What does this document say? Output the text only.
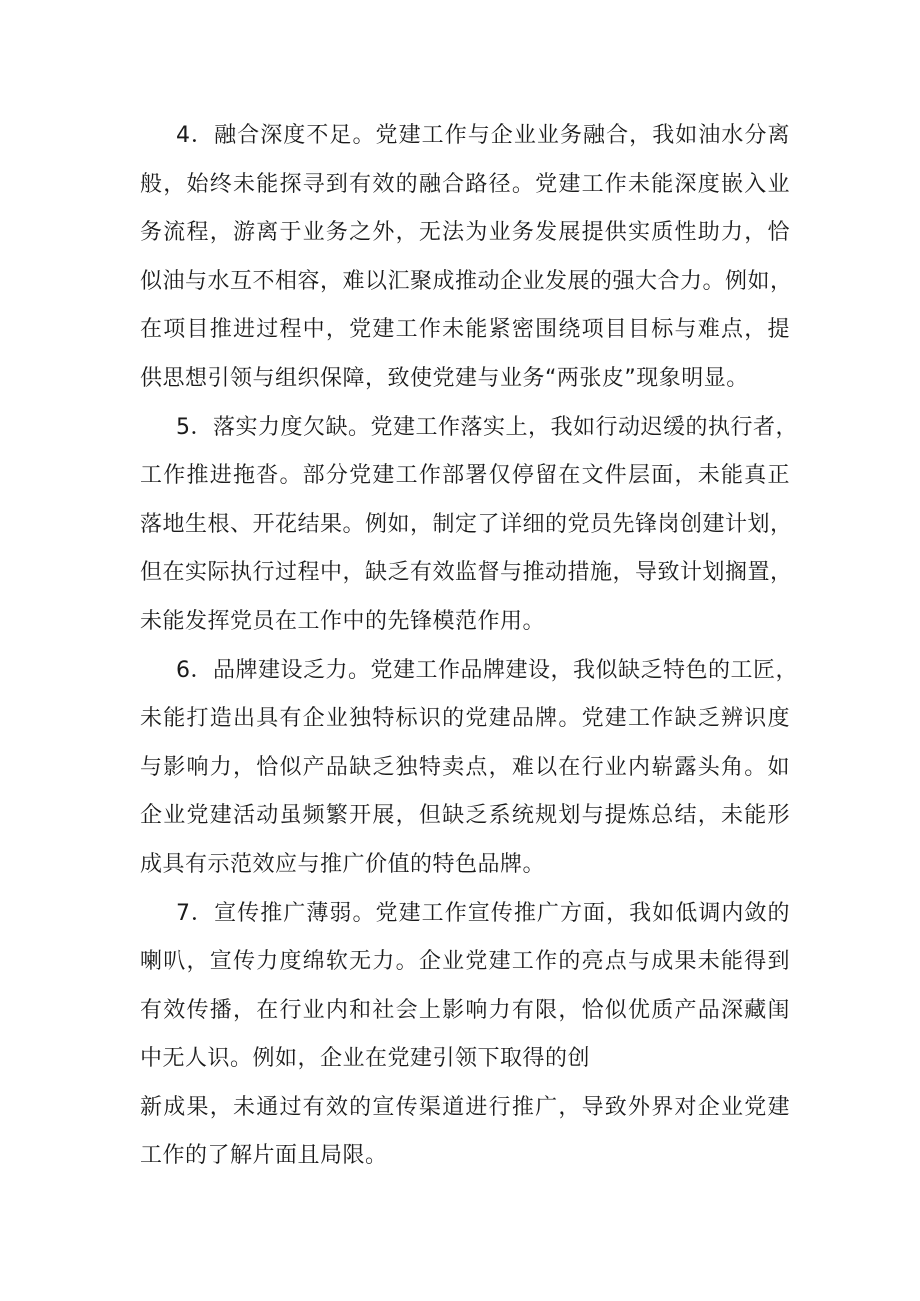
4．融合深度不足。党建工作与企业业务融合，我如油水分离
般，始终未能探寻到有效的融合路径。党建工作未能深度嵌入业
务流程，游离于业务之外，无法为业务发展提供实质性助力，恰
似油与水互不相容，难以汇聚成推动企业发展的强大合力。例如，
在项目推进过程中，党建工作未能紧密围绕项目目标与难点，提
供思想引领与组织保障，致使党建与业务“两张皮”现象明显。
5．落实力度欠缺。党建工作落实上，我如行动迟缓的执行者，
工作推进拖沓。部分党建工作部署仅停留在文件层面，未能真正
落地生根、开花结果。例如，制定了详细的党员先锋岗创建计划，
但在实际执行过程中，缺乏有效监督与推动措施，导致计划搁置，
未能发挥党员在工作中的先锋模范作用。
6．品牌建设乏力。党建工作品牌建设，我似缺乏特色的工匠，
未能打造出具有企业独特标识的党建品牌。党建工作缺乏辨识度
与影响力，恰似产品缺乏独特卖点，难以在行业内崭露头角。如
企业党建活动虽频繁开展，但缺乏系统规划与提炼总结，未能形
成具有示范效应与推广价值的特色品牌。
7．宣传推广薄弱。党建工作宣传推广方面，我如低调内敛的
喇叭，宣传力度绵软无力。企业党建工作的亮点与成果未能得到
有效传播，在行业内和社会上影响力有限，恰似优质产品深藏闺
中无人识。例如，企业在党建引领下取得的创
新成果，未通过有效的宣传渠道进行推广，导致外界对企业党建
工作的了解片面且局限。
